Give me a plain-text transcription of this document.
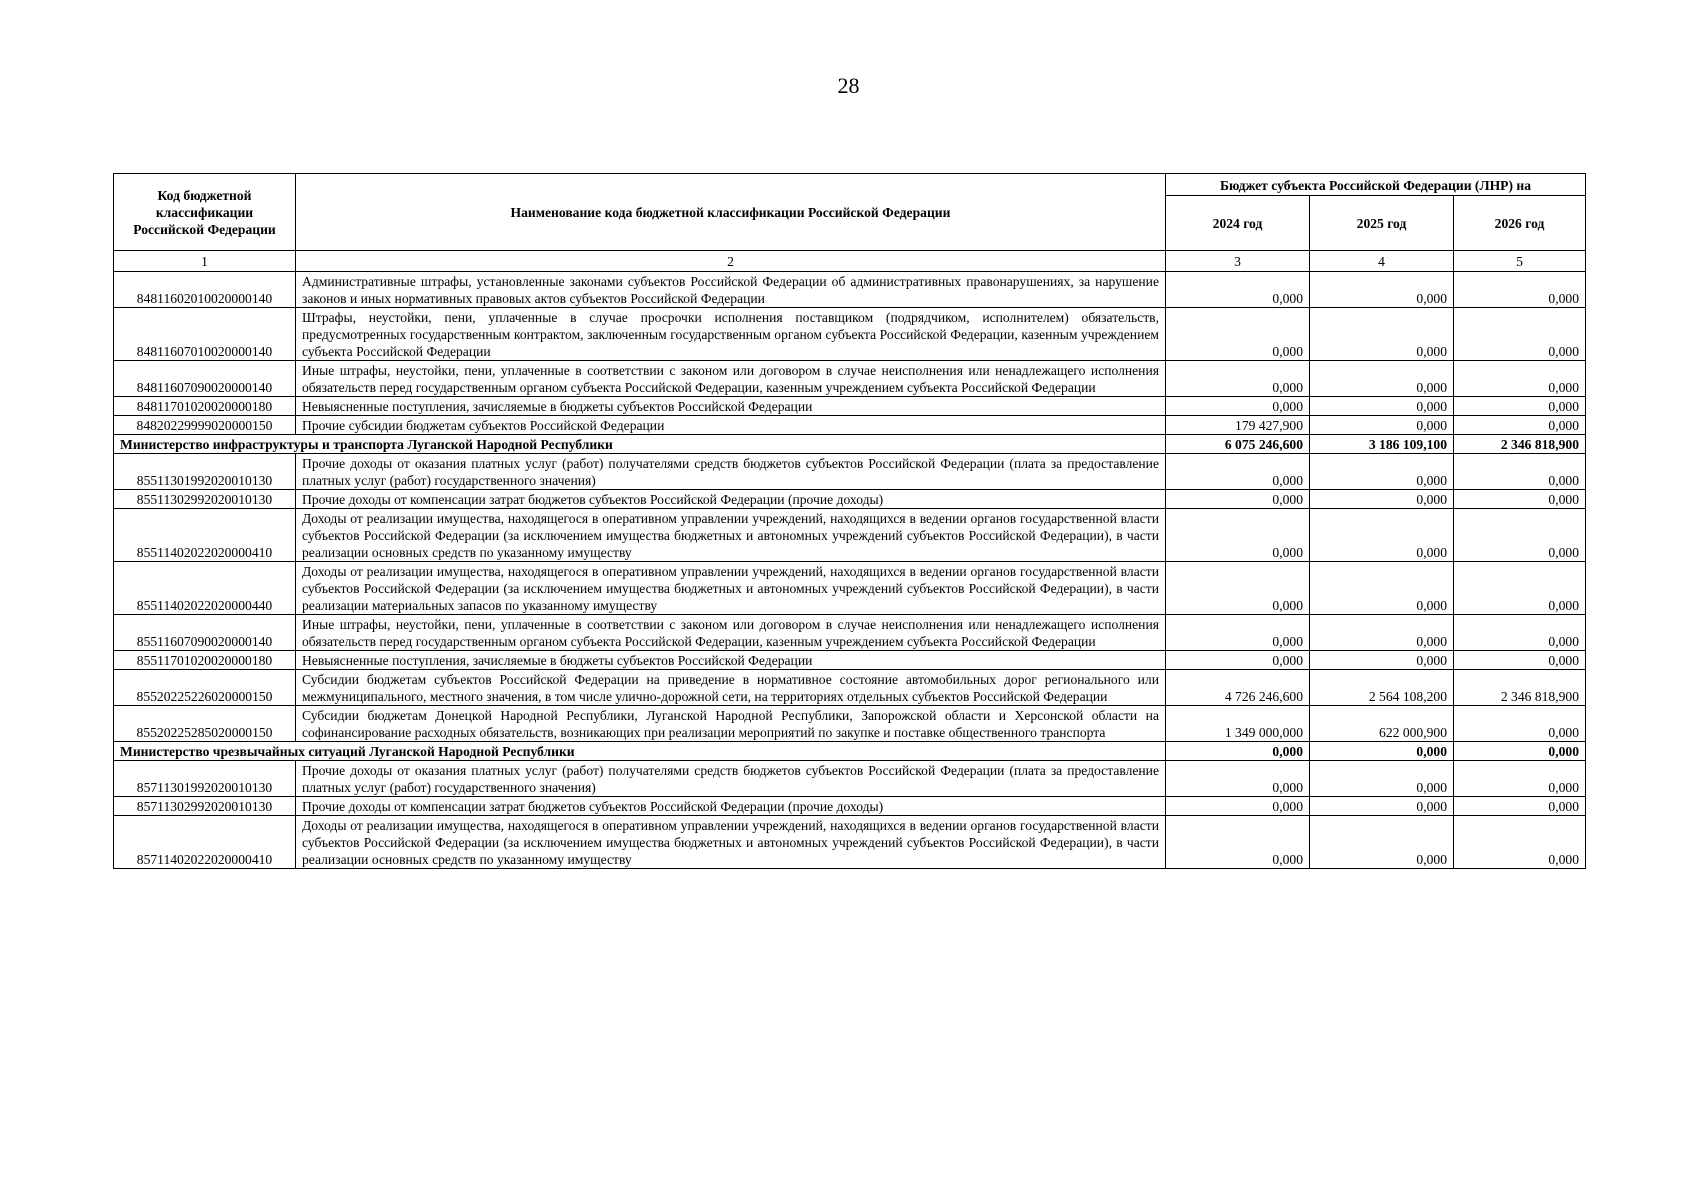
28
Код бюджетной классификации Российской Федерации	Наименование кода бюджетной классификации Российской Федерации	Бюджет субъекта Российской Федерации (ЛНР) на		
		2024 год	2025 год	2026 год
1	2	3	4	5
84811602010020000140	Административные штрафы, установленные законами субъектов Российской Федерации об административных правонарушениях, за нарушение законов и иных нормативных правовых актов субъектов Российской Федерации	0,000	0,000	0,000
84811607010020000140	Штрафы, неустойки, пени, уплаченные в случае просрочки исполнения поставщиком (подрядчиком, исполнителем) обязательств, предусмотренных государственным контрактом, заключенным государственным органом субъекта Российской Федерации, казенным учреждением субъекта Российской Федерации	0,000	0,000	0,000
84811607090020000140	Иные штрафы, неустойки, пени, уплаченные в соответствии с законом или договором в случае неисполнения или ненадлежащего исполнения обязательств перед государственным органом субъекта Российской Федерации, казенным учреждением субъекта Российской Федерации	0,000	0,000	0,000
84811701020020000180	Невыясненные поступления, зачисляемые в бюджеты субъектов Российской Федерации	0,000	0,000	0,000
84820229999020000150	Прочие субсидии бюджетам субъектов Российской Федерации	179 427,900	0,000	0,000
Министерство инфраструктуры и транспорта Луганской Народной Республики		6 075 246,600	3 186 109,100	2 346 818,900
85511301992020010130	Прочие доходы от оказания платных услуг (работ) получателями средств бюджетов субъектов Российской Федерации (плата за предоставление платных услуг (работ) государственного значения)	0,000	0,000	0,000
85511302992020010130	Прочие доходы от компенсации затрат бюджетов субъектов Российской Федерации (прочие доходы)	0,000	0,000	0,000
85511402022020000410	Доходы от реализации имущества, находящегося в оперативном управлении учреждений, находящихся в ведении органов государственной власти субъектов Российской Федерации (за исключением имущества бюджетных и автономных учреждений субъектов Российской Федерации), в части реализации основных средств по указанному имуществу	0,000	0,000	0,000
85511402022020000440	Доходы от реализации имущества, находящегося в оперативном управлении учреждений, находящихся в ведении органов государственной власти субъектов Российской Федерации (за исключением имущества бюджетных и автономных учреждений субъектов Российской Федерации), в части реализации материальных запасов по указанному имуществу	0,000	0,000	0,000
85511607090020000140	Иные штрафы, неустойки, пени, уплаченные в соответствии с законом или договором в случае неисполнения или ненадлежащего исполнения обязательств перед государственным органом субъекта Российской Федерации, казенным учреждением субъекта Российской Федерации	0,000	0,000	0,000
85511701020020000180	Невыясненные поступления, зачисляемые в бюджеты субъектов Российской Федерации	0,000	0,000	0,000
85520225226020000150	Субсидии бюджетам субъектов Российской Федерации на приведение в нормативное состояние автомобильных дорог регионального или межмуниципального, местного значения, в том числе улично-дорожной сети, на территориях отдельных субъектов Российской Федерации	4 726 246,600	2 564 108,200	2 346 818,900
85520225285020000150	Субсидии бюджетам Донецкой Народной Республики, Луганской Народной Республики, Запорожской области и Херсонской области на софинансирование расходных обязательств, возникающих при реализации мероприятий по закупке и поставке общественного транспорта	1 349 000,000	622 000,900	0,000
Министерство чрезвычайных ситуаций Луганской Народной Республики		0,000	0,000	0,000
85711301992020010130	Прочие доходы от оказания платных услуг (работ) получателями средств бюджетов субъектов Российской Федерации (плата за предоставление платных услуг (работ) государственного значения)	0,000	0,000	0,000
85711302992020010130	Прочие доходы от компенсации затрат бюджетов субъектов Российской Федерации (прочие доходы)	0,000	0,000	0,000
85711402022020000410	Доходы от реализации имущества, находящегося в оперативном управлении учреждений, находящихся в ведении органов государственной власти субъектов Российской Федерации (за исключением имущества бюджетных и автономных учреждений субъектов Российской Федерации), в части реализации основных средств по указанному имуществу	0,000	0,000	0,000
